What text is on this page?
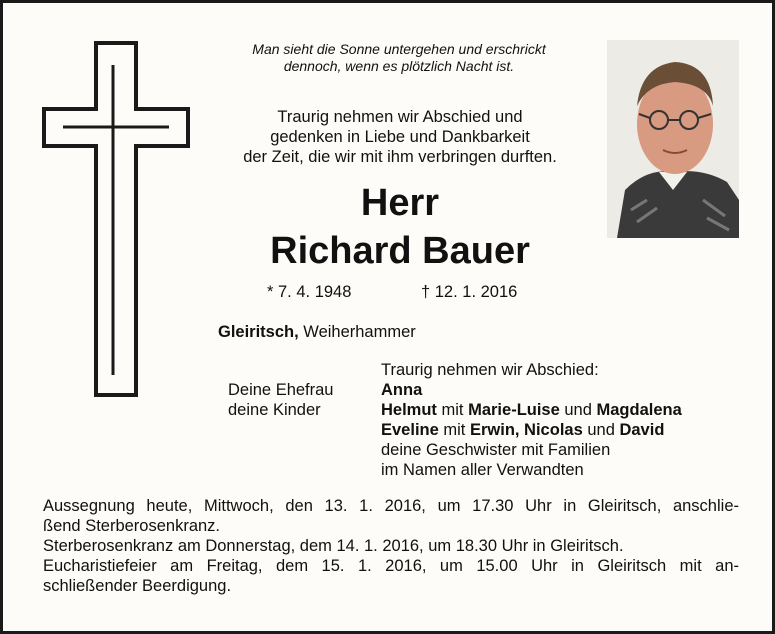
Man sieht die Sonne untergehen und erschrickt
dennoch, wenn es plötzlich Nacht ist.
Traurig nehmen wir Abschied und
gedenken in Liebe und Dankbarkeit
der Zeit, die wir mit ihm verbringen durften.
Herr
Richard Bauer
* 7. 4. 1948	† 12. 1. 2016
Gleiritsch, Weiherhammer
Traurig nehmen wir Abschied:
Deine Ehefrau
deine Kinder
Anna
Helmut mit Marie-Luise und Magdalena
Eveline mit Erwin, Nicolas und David
deine Geschwister mit Familien
im Namen aller Verwandten
Aussegnung heute, Mittwoch, den 13. 1. 2016, um 17.30 Uhr in Gleiritsch, anschlie-
ßend Sterberosenkranz.
Sterberosenkranz am Donnerstag, dem 14. 1. 2016, um 18.30 Uhr in Gleiritsch.
Eucharistiefeier am Freitag, dem 15. 1. 2016, um 15.00 Uhr in Gleiritsch mit an-
schließender Beerdigung.
